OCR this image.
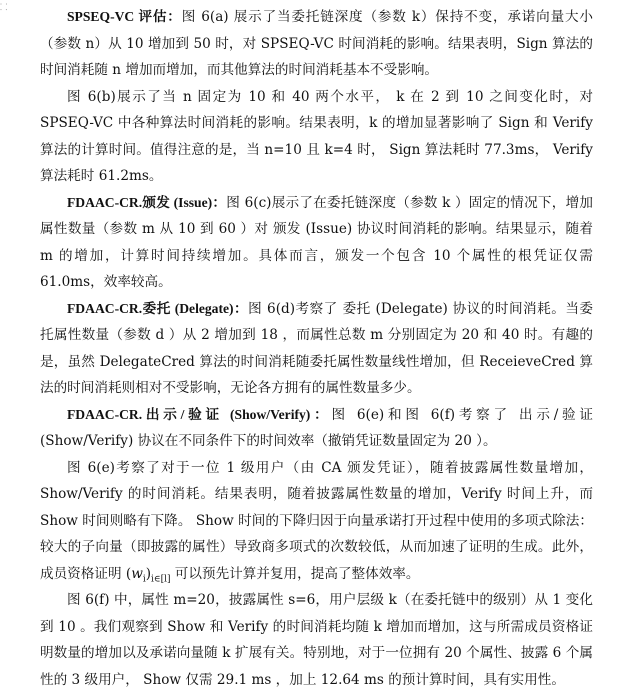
⸬

SPSEQ-VC 评估：图 6(a) 展示了当委托链深度（参数 k）保持不变，承诺向量大小（参数 n）从 10 增加到 50 时，对 SPSEQ-VC 时间消耗的影响。结果表明，Sign 算法的时间消耗随 n 增加而增加，而其他算法的时间消耗基本不受影响。

图 6(b)展示了当 n 固定为 10 和 40 两个水平， k 在 2 到 10 之间变化时，对 SPSEQ-VC 中各种算法时间消耗的影响。结果表明，k 的增加显著影响了 Sign 和 Verify 算法的计算时间。值得注意的是，当 n=10 且 k=4 时， Sign 算法耗时 77.3ms， Verify 算法耗时 61.2ms。

FDAAC-CR.颁发 (Issue)：图 6(c)展示了在委托链深度（参数 k ）固定的情况下，增加属性数量（参数 m 从 10 到 60 ）对 颁发 (Issue) 协议时间消耗的影响。结果显示，随着 m 的增加，计算时间持续增加。具体而言，颁发一个包含 10 个属性的根凭证仅需 61.0ms，效率较高。

FDAAC-CR.委托 (Delegate)：图 6(d)考察了 委托 (Delegate) 协议的时间消耗。当委托属性数量（参数 d ）从 2 增加到 18 ，而属性总数 m 分别固定为 20 和 40 时。有趣的是，虽然 DelegateCred 算法的时间消耗随委托属性数量线性增加，但 ReceieveCred 算法的时间消耗则相对不受影响，无论各方拥有的属性数量多少。

FDAAC-CR.出示/验证 (Show/Verify)：图 6(e)和图 6(f)考察了 出示/验证 (Show/Verify) 协议在不同条件下的时间效率（撤销凭证数量固定为 20 ）。

图 6(e)考察了对于一位 1 级用户（由 CA 颁发凭证），随着披露属性数量增加，Show/Verify 的时间消耗。结果表明，随着披露属性数量的增加，Verify 时间上升，而 Show 时间则略有下降。 Show 时间的下降归因于向量承诺打开过程中使用的多项式除法：较大的子向量（即披露的属性）导致商多项式的次数较低，从而加速了证明的生成。此外，成员资格证明 $(w_i)_{i\in[l]}$ 可以预先计算并复用，提高了整体效率。

图 6(f) 中，属性 m=20，披露属性 s=6，用户层级 k（在委托链中的级别）从 1 变化到 10 。我们观察到 Show 和 Verify 的时间消耗均随 k 增加而增加，这与所需成员资格证明数量的增加以及承诺向量随 k 扩展有关。特别地，对于一位拥有 20 个属性、披露 6 个属性的 3 级用户， Show 仅需 29.1 ms ，加上 12.64 ms 的预计算时间，具有实用性。
